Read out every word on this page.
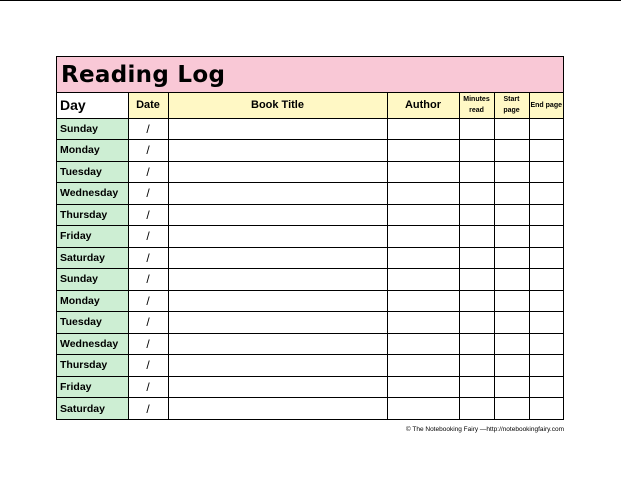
Reading Log
Day	Date	Book Title	Author	Minutes read	Start page	End page
Sunday	/					
Monday	/					
Tuesday	/					
Wednesday	/					
Thursday	/					
Friday	/					
Saturday	/					
Sunday	/					
Monday	/					
Tuesday	/					
Wednesday	/					
Thursday	/					
Friday	/					
Saturday	/					
© The Notebooking Fairy —http://notebookingfairy.com
